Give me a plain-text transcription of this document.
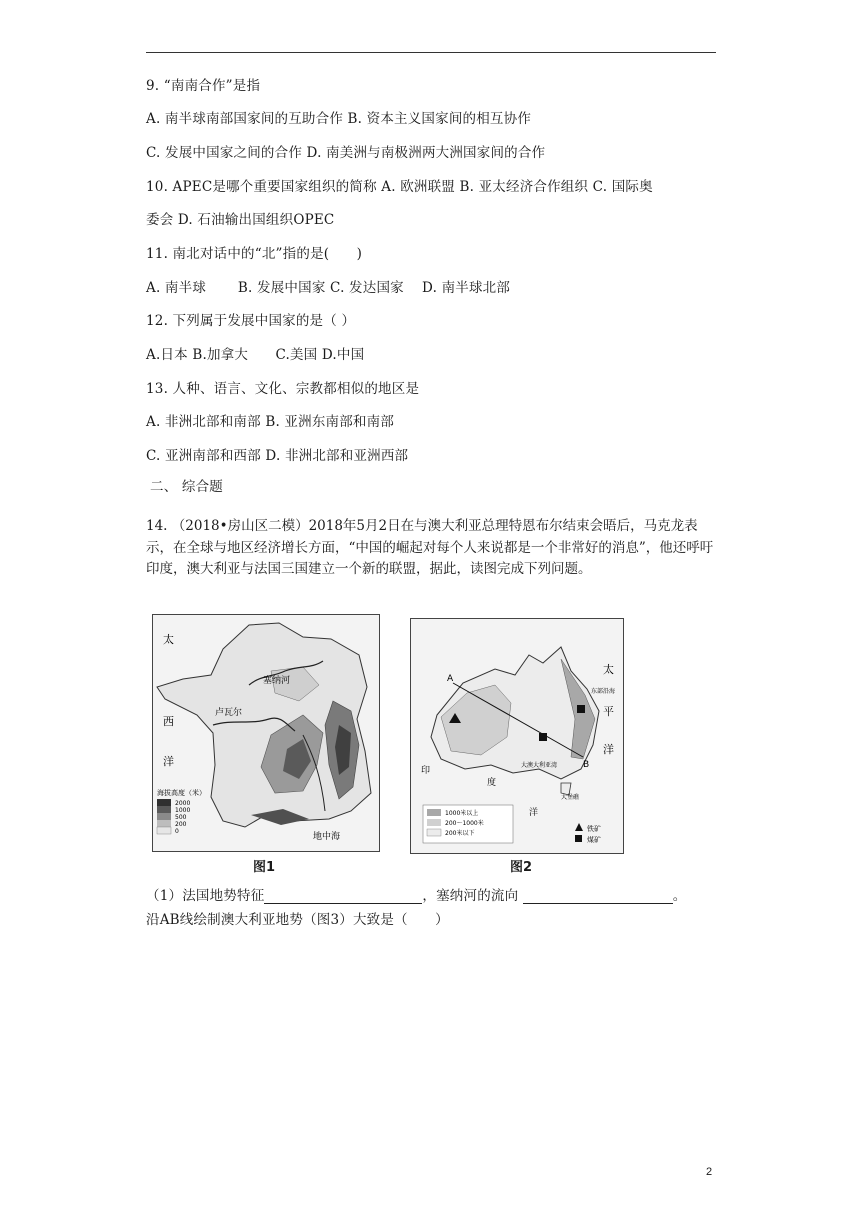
9. “南南合作”是指
A. 南半球南部国家间的互助合作 B. 资本主义国家间的相互协作
C. 发展中国家之间的合作 D. 南美洲与南极洲两大洲国家间的合作
10. APEC是哪个重要国家组织的简称 A. 欧洲联盟 B. 亚太经济合作组织 C. 国际奥
委会 D. 石油输出国组织OPEC
11. 南北对话中的“北”指的是(　　)
A. 南半球　　 B. 发展中国家 C. 发达国家　 D. 南半球北部
12. 下列属于发展中国家的是（ ）
A.日本 B.加拿大　　C.美国 D.中国
13. 人种、语言、文化、宗教都相似的地区是
A. 非洲北部和南部 B. 亚洲东南部和南部
C. 亚洲南部和西部 D. 非洲北部和亚洲西部
二、 综合题
14. （2018•房山区二模）2018年5月2日在与澳大利亚总理特恩布尔结束会晤后，马克龙表示，在全球与地区经济增长方面，“中国的崛起对每个人来说都是一个非常好的消息”，他还呼吁印度，澳大利亚与法国三国建立一个新的联盟，据此，读图完成下列问题。
太
西
洋
塞纳河
卢瓦尔
地中海
海拔高度（米）
2000
1000
500
200
0
图1
A
B
太
平
洋
东部沿海
大澳大利亚湾
大堡礁
印
度
洋
1000米以上
200～1000米
200米以下
铁矿
煤矿
图2
（1）法国地势特征	，塞纳河的流向	。
沿AB线绘制澳大利亚地势（图3）大致是（　　）
2
